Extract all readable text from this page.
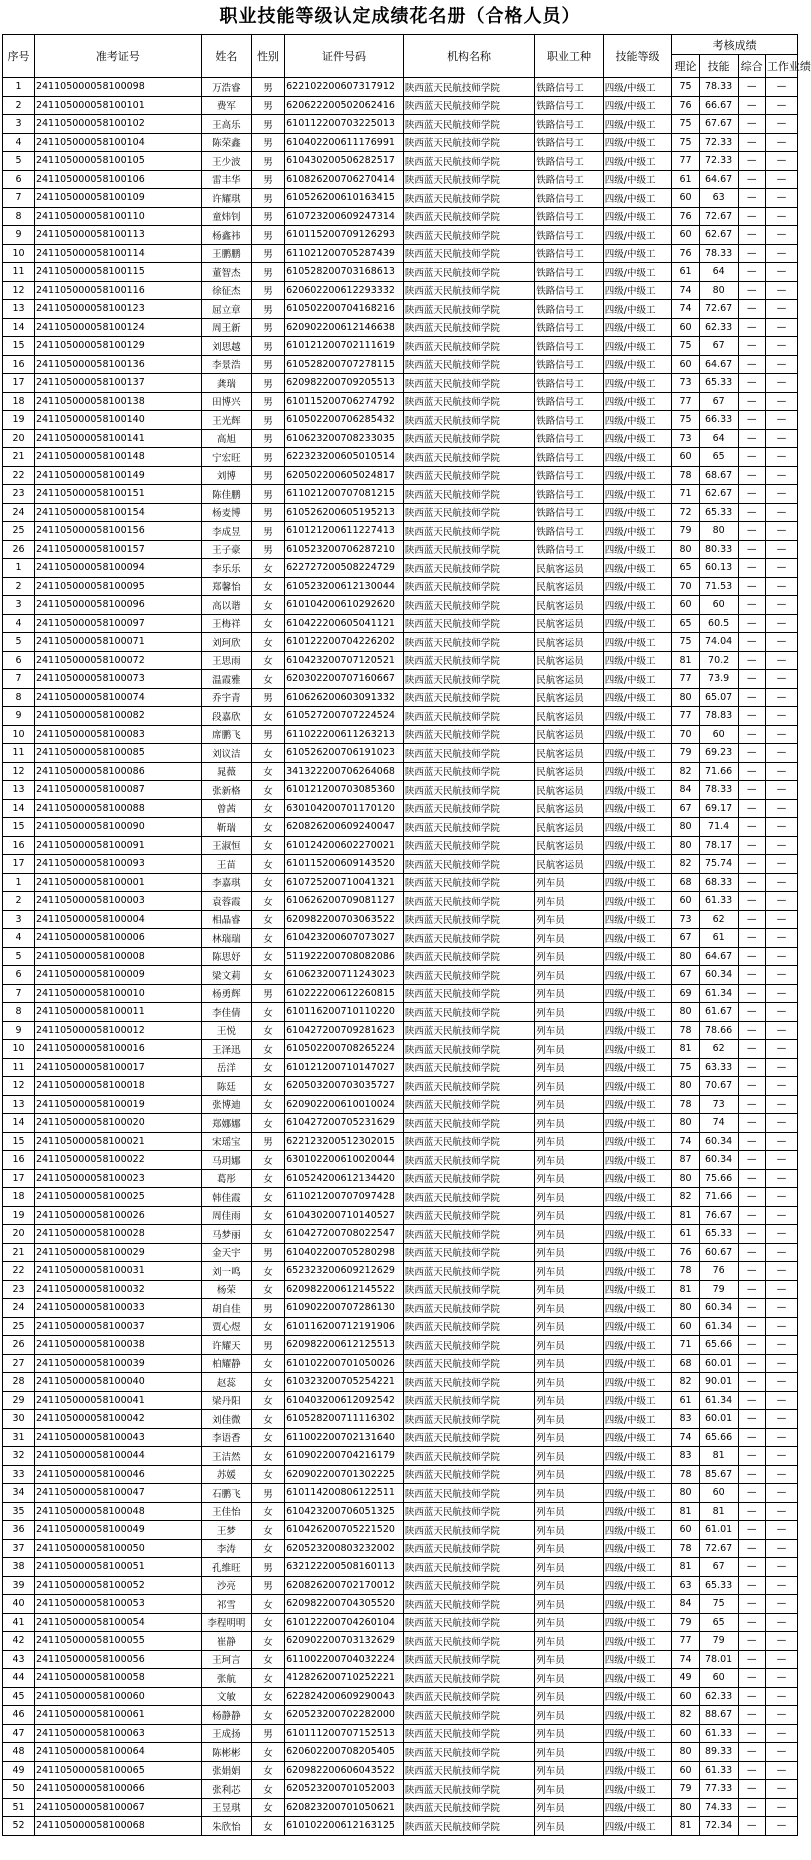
职业技能等级认定成绩花名册（合格人员）
序号	准考证号	姓名	性别	证件号码	机构名称	职业工种	技能等级	考核成绩			
								理论	技能	综合	工作业绩
1	241105000058100098	万浩睿	男	622102200607317912	陕西蓝天民航技师学院	铁路信号工	四级/中级工	75	78.33	—	—
2	241105000058100101	费军	男	620622200502062416	陕西蓝天民航技师学院	铁路信号工	四级/中级工	76	66.67	—	—
3	241105000058100102	王高乐	男	610112200703225013	陕西蓝天民航技师学院	铁路信号工	四级/中级工	75	67.67	—	—
4	241105000058100104	陈荣鑫	男	610402200611176991	陕西蓝天民航技师学院	铁路信号工	四级/中级工	75	72.33	—	—
5	241105000058100105	王少波	男	610430200506282517	陕西蓝天民航技师学院	铁路信号工	四级/中级工	77	72.33	—	—
6	241105000058100106	雷丰华	男	610826200706270414	陕西蓝天民航技师学院	铁路信号工	四级/中级工	61	64.67	—	—
7	241105000058100109	许耀琪	男	610526200610163415	陕西蓝天民航技师学院	铁路信号工	四级/中级工	60	63	—	—
8	241105000058100110	童炜钊	男	610723200609247314	陕西蓝天民航技师学院	铁路信号工	四级/中级工	76	72.67	—	—
9	241105000058100113	杨鑫祎	男	610115200709126293	陕西蓝天民航技师学院	铁路信号工	四级/中级工	60	62.67	—	—
10	241105000058100114	王鹏鹏	男	611021200705287439	陕西蓝天民航技师学院	铁路信号工	四级/中级工	76	78.33	—	—
11	241105000058100115	董智杰	男	610528200703168613	陕西蓝天民航技师学院	铁路信号工	四级/中级工	61	64	—	—
12	241105000058100116	徐征杰	男	620602200612293332	陕西蓝天民航技师学院	铁路信号工	四级/中级工	74	80	—	—
13	241105000058100123	屈立章	男	610502200704168216	陕西蓝天民航技师学院	铁路信号工	四级/中级工	74	72.67	—	—
14	241105000058100124	周王新	男	620902200612146638	陕西蓝天民航技师学院	铁路信号工	四级/中级工	60	62.33	—	—
15	241105000058100129	刘思越	男	610121200702111619	陕西蓝天民航技师学院	铁路信号工	四级/中级工	75	67	—	—
16	241105000058100136	李景浩	男	610528200707278115	陕西蓝天民航技师学院	铁路信号工	四级/中级工	60	64.67	—	—
17	241105000058100137	龚瑞	男	620982200709205513	陕西蓝天民航技师学院	铁路信号工	四级/中级工	73	65.33	—	—
18	241105000058100138	田博兴	男	610115200706274792	陕西蓝天民航技师学院	铁路信号工	四级/中级工	77	67	—	—
19	241105000058100140	王光辉	男	610502200706285432	陕西蓝天民航技师学院	铁路信号工	四级/中级工	75	66.33	—	—
20	241105000058100141	高旭	男	610623200708233035	陕西蓝天民航技师学院	铁路信号工	四级/中级工	73	64	—	—
21	241105000058100148	宁宏旺	男	622323200605010514	陕西蓝天民航技师学院	铁路信号工	四级/中级工	60	65	—	—
22	241105000058100149	刘博	男	620502200605024817	陕西蓝天民航技师学院	铁路信号工	四级/中级工	78	68.67	—	—
23	241105000058100151	陈佳鹏	男	611021200707081215	陕西蓝天民航技师学院	铁路信号工	四级/中级工	71	62.67	—	—
24	241105000058100154	杨麦博	男	610526200605195213	陕西蓝天民航技师学院	铁路信号工	四级/中级工	72	65.33	—	—
25	241105000058100156	李成昱	男	610121200611227413	陕西蓝天民航技师学院	铁路信号工	四级/中级工	79	80	—	—
26	241105000058100157	王子豪	男	610523200706287210	陕西蓝天民航技师学院	铁路信号工	四级/中级工	80	80.33	—	—
1	241105000058100094	李乐乐	女	622727200508224729	陕西蓝天民航技师学院	民航客运员	四级/中级工	65	60.13	—	—
2	241105000058100095	郑馨怡	女	610523200612130044	陕西蓝天民航技师学院	民航客运员	四级/中级工	70	71.53	—	—
3	241105000058100096	高以谐	女	610104200610292620	陕西蓝天民航技师学院	民航客运员	四级/中级工	60	60	—	—
4	241105000058100097	王梅祥	女	610422200605041121	陕西蓝天民航技师学院	民航客运员	四级/中级工	65	60.5	—	—
5	241105000058100071	刘珂欣	女	610122200704226202	陕西蓝天民航技师学院	民航客运员	四级/中级工	75	74.04	—	—
6	241105000058100072	王思雨	女	610423200707120521	陕西蓝天民航技师学院	民航客运员	四级/中级工	81	70.2	—	—
7	241105000058100073	温霞雅	女	620302200707160667	陕西蓝天民航技师学院	民航客运员	四级/中级工	77	73.9	—	—
8	241105000058100074	乔宇青	男	610626200603091332	陕西蓝天民航技师学院	民航客运员	四级/中级工	80	65.07	—	—
9	241105000058100082	段嘉欣	女	610527200707224524	陕西蓝天民航技师学院	民航客运员	四级/中级工	77	78.83	—	—
10	241105000058100083	席鹏飞	男	611022200611263213	陕西蓝天民航技师学院	民航客运员	四级/中级工	70	60	—	—
11	241105000058100085	刘议洁	女	610526200706191023	陕西蓝天民航技师学院	民航客运员	四级/中级工	79	69.23	—	—
12	241105000058100086	晁薇	女	341322200706264068	陕西蓝天民航技师学院	民航客运员	四级/中级工	82	71.66	—	—
13	241105000058100087	张新格	女	610121200703085360	陕西蓝天民航技师学院	民航客运员	四级/中级工	84	78.33	—	—
14	241105000058100088	曾茜	女	630104200701170120	陕西蓝天民航技师学院	民航客运员	四级/中级工	67	69.17	—	—
15	241105000058100090	靳瑞	女	620826200609240047	陕西蓝天民航技师学院	民航客运员	四级/中级工	80	71.4	—	—
16	241105000058100091	王淑恒	女	610124200602270021	陕西蓝天民航技师学院	民航客运员	四级/中级工	80	78.17	—	—
17	241105000058100093	王苗	女	610115200609143520	陕西蓝天民航技师学院	民航客运员	四级/中级工	82	75.74	—	—
1	241105000058100001	李嘉琪	女	610725200710041321	陕西蓝天民航技师学院	列车员	四级/中级工	68	68.33	—	—
2	241105000058100003	袁蓉霞	女	610626200709081127	陕西蓝天民航技师学院	列车员	四级/中级工	60	61.33	—	—
3	241105000058100004	相晶睿	女	620982200703063522	陕西蓝天民航技师学院	列车员	四级/中级工	73	62	—	—
4	241105000058100006	林瑞瑞	女	610423200607073027	陕西蓝天民航技师学院	列车员	四级/中级工	67	61	—	—
5	241105000058100008	陈思妤	女	511922200708082086	陕西蓝天民航技师学院	列车员	四级/中级工	80	64.67	—	—
6	241105000058100009	梁文莉	女	610623200711243023	陕西蓝天民航技师学院	列车员	四级/中级工	67	60.34	—	—
7	241105000058100010	杨勇辉	男	610222200612260815	陕西蓝天民航技师学院	列车员	四级/中级工	69	61.34	—	—
8	241105000058100011	李佳倩	女	610116200710110220	陕西蓝天民航技师学院	列车员	四级/中级工	80	61.67	—	—
9	241105000058100012	王悦	女	610427200709281623	陕西蓝天民航技师学院	列车员	四级/中级工	78	78.66	—	—
10	241105000058100016	王泽迅	女	610502200708265224	陕西蓝天民航技师学院	列车员	四级/中级工	81	62	—	—
11	241105000058100017	岳洋	女	610121200710147027	陕西蓝天民航技师学院	列车员	四级/中级工	75	63.33	—	—
12	241105000058100018	陈廷	女	620503200703035727	陕西蓝天民航技师学院	列车员	四级/中级工	80	70.67	—	—
13	241105000058100019	张博迪	女	620902200610010024	陕西蓝天民航技师学院	列车员	四级/中级工	78	73	—	—
14	241105000058100020	郑娜娜	女	610427200705231629	陕西蓝天民航技师学院	列车员	四级/中级工	80	74	—	—
15	241105000058100021	宋瑶宝	男	622123200512302015	陕西蓝天民航技师学院	列车员	四级/中级工	74	60.34	—	—
16	241105000058100022	马玥娜	女	630102200610020044	陕西蓝天民航技师学院	列车员	四级/中级工	87	60.34	—	—
17	241105000058100023	葛彤	女	610524200612134420	陕西蓝天民航技师学院	列车员	四级/中级工	80	75.66	—	—
18	241105000058100025	韩佳霞	女	611021200707097428	陕西蓝天民航技师学院	列车员	四级/中级工	82	71.66	—	—
19	241105000058100026	周佳雨	女	610430200710140527	陕西蓝天民航技师学院	列车员	四级/中级工	81	76.67	—	—
20	241105000058100028	马梦丽	女	610427200708022547	陕西蓝天民航技师学院	列车员	四级/中级工	61	65.33	—	—
21	241105000058100029	金天宇	男	610402200705280298	陕西蓝天民航技师学院	列车员	四级/中级工	76	60.67	—	—
22	241105000058100031	刘一鸣	女	652323200609212629	陕西蓝天民航技师学院	列车员	四级/中级工	78	76	—	—
23	241105000058100032	杨荣	女	620982200612145522	陕西蓝天民航技师学院	列车员	四级/中级工	81	79	—	—
24	241105000058100033	胡自佳	男	610902200707286130	陕西蓝天民航技师学院	列车员	四级/中级工	80	60.34	—	—
25	241105000058100037	贾心煜	女	610116200712191906	陕西蓝天民航技师学院	列车员	四级/中级工	60	61.34	—	—
26	241105000058100038	许耀天	男	620982200612125513	陕西蓝天民航技师学院	列车员	四级/中级工	71	65.66	—	—
27	241105000058100039	柏耀静	女	610102200701050026	陕西蓝天民航技师学院	列车员	四级/中级工	68	60.01	—	—
28	241105000058100040	赵蕊	女	610323200705254221	陕西蓝天民航技师学院	列车员	四级/中级工	82	90.01	—	—
29	241105000058100041	梁丹阳	女	610403200612092542	陕西蓝天民航技师学院	列车员	四级/中级工	61	61.34	—	—
30	241105000058100042	刘佳微	女	610528200711116302	陕西蓝天民航技师学院	列车员	四级/中级工	83	60.01	—	—
31	241105000058100043	李语香	女	611002200702131640	陕西蓝天民航技师学院	列车员	四级/中级工	74	65.66	—	—
32	241105000058100044	王洁然	女	610902200704216179	陕西蓝天民航技师学院	列车员	四级/中级工	83	81	—	—
33	241105000058100046	苏媛	女	620902200701302225	陕西蓝天民航技师学院	列车员	四级/中级工	78	85.67	—	—
34	241105000058100047	石鹏飞	男	610114200806122511	陕西蓝天民航技师学院	列车员	四级/中级工	80	60	—	—
35	241105000058100048	王佳怡	女	610423200706051325	陕西蓝天民航技师学院	列车员	四级/中级工	81	81	—	—
36	241105000058100049	王梦	女	610426200705221520	陕西蓝天民航技师学院	列车员	四级/中级工	60	61.01	—	—
37	241105000058100050	李涛	女	620523200803232002	陕西蓝天民航技师学院	列车员	四级/中级工	78	72.67	—	—
38	241105000058100051	孔维旺	男	632122200508160113	陕西蓝天民航技师学院	列车员	四级/中级工	81	67	—	—
39	241105000058100052	沙亮	男	620826200702170012	陕西蓝天民航技师学院	列车员	四级/中级工	63	65.33	—	—
40	241105000058100053	祁雪	女	620982200704305520	陕西蓝天民航技师学院	列车员	四级/中级工	84	75	—	—
41	241105000058100054	李程明明	女	610122200704260104	陕西蓝天民航技师学院	列车员	四级/中级工	79	65	—	—
42	241105000058100055	崔静	女	620902200703132629	陕西蓝天民航技师学院	列车员	四级/中级工	77	79	—	—
43	241105000058100056	王珂言	女	611002200704032224	陕西蓝天民航技师学院	列车员	四级/中级工	74	78.01	—	—
44	241105000058100058	张航	女	412826200710252221	陕西蓝天民航技师学院	列车员	四级/中级工	49	60	—	—
45	241105000058100060	文敏	女	622824200609290043	陕西蓝天民航技师学院	列车员	四级/中级工	60	62.33	—	—
46	241105000058100061	杨静静	女	620523200702282000	陕西蓝天民航技师学院	列车员	四级/中级工	82	88.67	—	—
47	241105000058100063	王成扬	男	610111200707152513	陕西蓝天民航技师学院	列车员	四级/中级工	60	61.33	—	—
48	241105000058100064	陈彬彬	女	620602200708205405	陕西蓝天民航技师学院	列车员	四级/中级工	80	89.33	—	—
49	241105000058100065	张娟娟	女	620982200606043522	陕西蓝天民航技师学院	列车员	四级/中级工	60	61.33	—	—
50	241105000058100066	张利芯	女	620523200701052003	陕西蓝天民航技师学院	列车员	四级/中级工	79	77.33	—	—
51	241105000058100067	王昱琪	女	620823200701050621	陕西蓝天民航技师学院	列车员	四级/中级工	80	74.33	—	—
52	241105000058100068	朱欣怡	女	610102200612163125	陕西蓝天民航技师学院	列车员	四级/中级工	81	72.34	—	—
